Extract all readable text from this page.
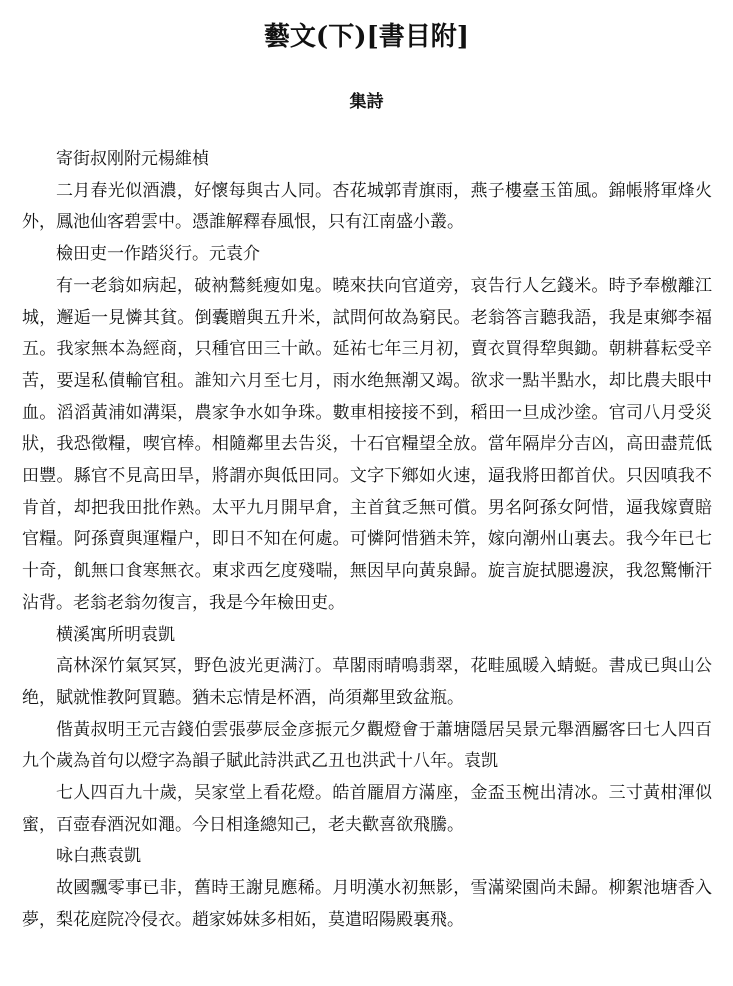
藝文(下)[書目附]
集詩

寄街叔刚附元楊維楨

二月春光似酒濃，好懷每與古人同。杏花城郭青旗雨，燕子樓臺玉笛風。錦帳將軍烽火外，鳳池仙客碧雲中。憑誰解釋春風恨，只有江南盛小叢。

檢田吏一作踏災行。元袁介

有一老翁如病起，破衲鶖毵瘦如鬼。曉來扶向官道旁，哀告行人乞錢米。時予奉檄離江城，邂逅一見憐其貧。倒囊贈與五升米，試問何故為窮民。老翁答言聽我語，我是東鄉李福五。我家無本為經商，只種官田三十畝。延祐七年三月初，賣衣買得犂與鋤。朝耕暮耘受辛苦，要逞私債輸官租。誰知六月至七月，雨水绝無潮又竭。欲求一點半點水，却比農夫眼中血。滔滔黃浦如溝渠，農家争水如争珠。數車相接接不到，稻田一旦成沙塗。官司八月受災狀，我恐徵糧，喫官棒。相隨鄰里去告災，十石官糧望全放。當年隔岸分吉凶，高田盡荒低田豐。縣官不見高田旱，將謂亦與低田同。文字下鄉如火速，逼我將田都首伏。只因嗔我不肯首，却把我田批作熟。太平九月開早倉，主首貧乏無可償。男名阿孫女阿惜，逼我嫁賣賠官糧。阿孫賣與運糧户，即日不知在何處。可憐阿惜猶未笄，嫁向潮州山裏去。我今年已七十奇，飢無口食寒無衣。東求西乞度殘喘，無因早向黃泉歸。旋言旋拭腮邊淚，我忽驚慚汗沾背。老翁老翁勿復言，我是今年檢田吏。

横溪寓所明袁凱

高林深竹氣冥冥，野色波光更满汀。草閣雨晴鳴翡翠，花畦風暖入蜻蜓。書成已與山公绝，賦就惟教阿買聽。猶未忘情是杯酒，尚須鄰里致盆瓶。

偕黃叔明王元吉錢伯雲張夢辰金彦振元夕觀燈會于蕭塘隱居吴景元舉酒屬客曰七人四百九个歲為首句以燈字為韻子賦此詩洪武乙丑也洪武十八年。袁凯

七人四百九十歲，吴家堂上看花燈。皓首龎眉方滿座，金盃玉椀出清冰。三寸黃柑渾似蜜，百壺春酒況如澠。今日相逢總知己，老夫歡喜欲飛騰。

咏白燕袁凱

故國飄零事已非，舊時王謝見應稀。月明漢水初無影，雪滿梁園尚未歸。柳絮池塘香入夢，梨花庭院冷侵衣。趙家姊妹多相妬，莫遣昭陽殿裏飛。
